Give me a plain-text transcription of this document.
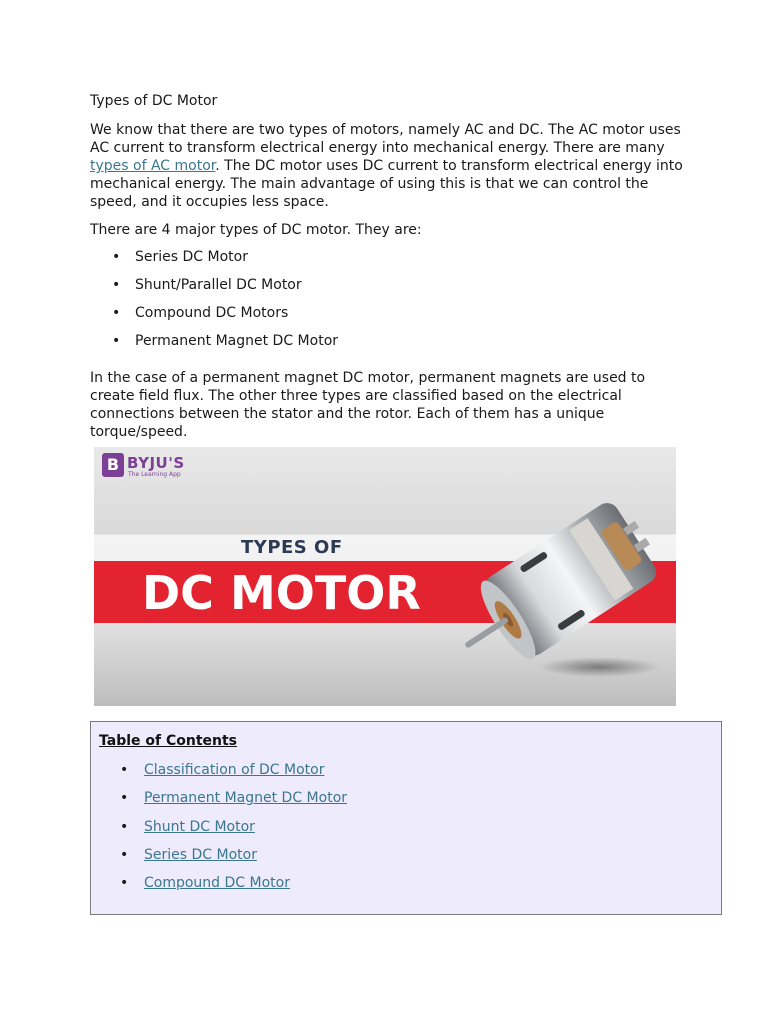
Types of DC Motor

We know that there are two types of motors, namely AC and DC. The AC motor uses AC current to transform electrical energy into mechanical energy. There are many types of AC motor. The DC motor uses DC current to transform electrical energy into mechanical energy. The main advantage of using this is that we can control the speed, and it occupies less space.

There are 4 major types of DC motor. They are:

• Series DC Motor
• Shunt/Parallel DC Motor
• Compound DC Motors
• Permanent Magnet DC Motor

In the case of a permanent magnet DC motor, permanent magnets are used to create field flux. The other three types are classified based on the electrical connections between the stator and the rotor. Each of them has a unique torque/speed.

B BYJU'S
The Learning App
TYPES OF
DC MOTOR
Table of Contents
• Classification of DC Motor
• Permanent Magnet DC Motor
• Shunt DC Motor
• Series DC Motor
• Compound DC Motor
